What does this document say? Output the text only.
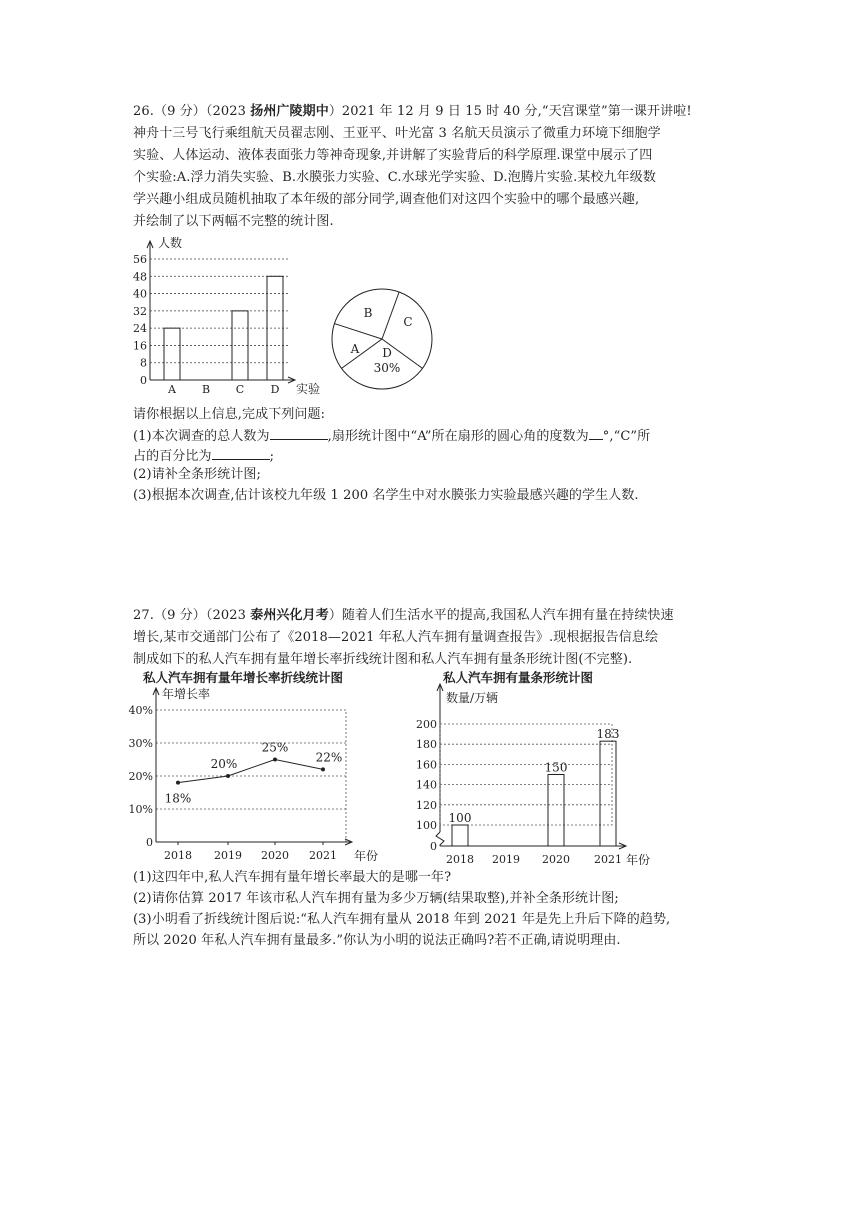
26.（9 分）（2023 扬州广陵期中）2021 年 12 月 9 日 15 时 40 分,“天宫课堂”第一课开讲啦!
神舟十三号飞行乘组航天员翟志刚、王亚平、叶光富 3 名航天员演示了微重力环境下细胞学
实验、人体运动、液体表面张力等神奇现象,并讲解了实验背后的科学原理.课堂中展示了四
个实验:A.浮力消失实验、B.水膜张力实验、C.水球光学实验、D.泡腾片实验.某校九年级数
学兴趣小组成员随机抽取了本年级的部分同学,调查他们对这四个实验中的哪个最感兴趣,
并绘制了以下两幅不完整的统计图.
0
8
16
24
32
40
48
56
人数
实验
A B C D
A
B
C
D
30%
请你根据以上信息,完成下列问题:
(1)本次调查的总人数为	,扇形统计图中“A”所在扇形的圆心角的度数为 °,“C”所
占的百分比为	;
(2)请补全条形统计图;
(3)根据本次调查,估计该校九年级 1 200 名学生中对水膜张力实验最感兴趣的学生人数.
27.（9 分）（2023 泰州兴化月考）随着人们生活水平的提高,我国私人汽车拥有量在持续快速
增长,某市交通部门公布了《2018—2021 年私人汽车拥有量调查报告》.现根据报告信息绘
制成如下的私人汽车拥有量年增长率折线统计图和私人汽车拥有量条形统计图(不完整).
私人汽车拥有量年增长率折线统计图	私人汽车拥有量条形统计图
0
10%
20%
30%
40%
年增长率
年份
18%
2018
20%
2019
25%
2020
22%
2021
0
100
120
140
160
180
200
数量/万辆
年份
100
2018 2019
150
2020
183
2021
(1)这四年中,私人汽车拥有量年增长率最大的是哪一年?
(2)请你估算 2017 年该市私人汽车拥有量为多少万辆(结果取整),并补全条形统计图;
(3)小明看了折线统计图后说:“私人汽车拥有量从 2018 年到 2021 年是先上升后下降的趋势,
所以 2020 年私人汽车拥有量最多.”你认为小明的说法正确吗?若不正确,请说明理由.
